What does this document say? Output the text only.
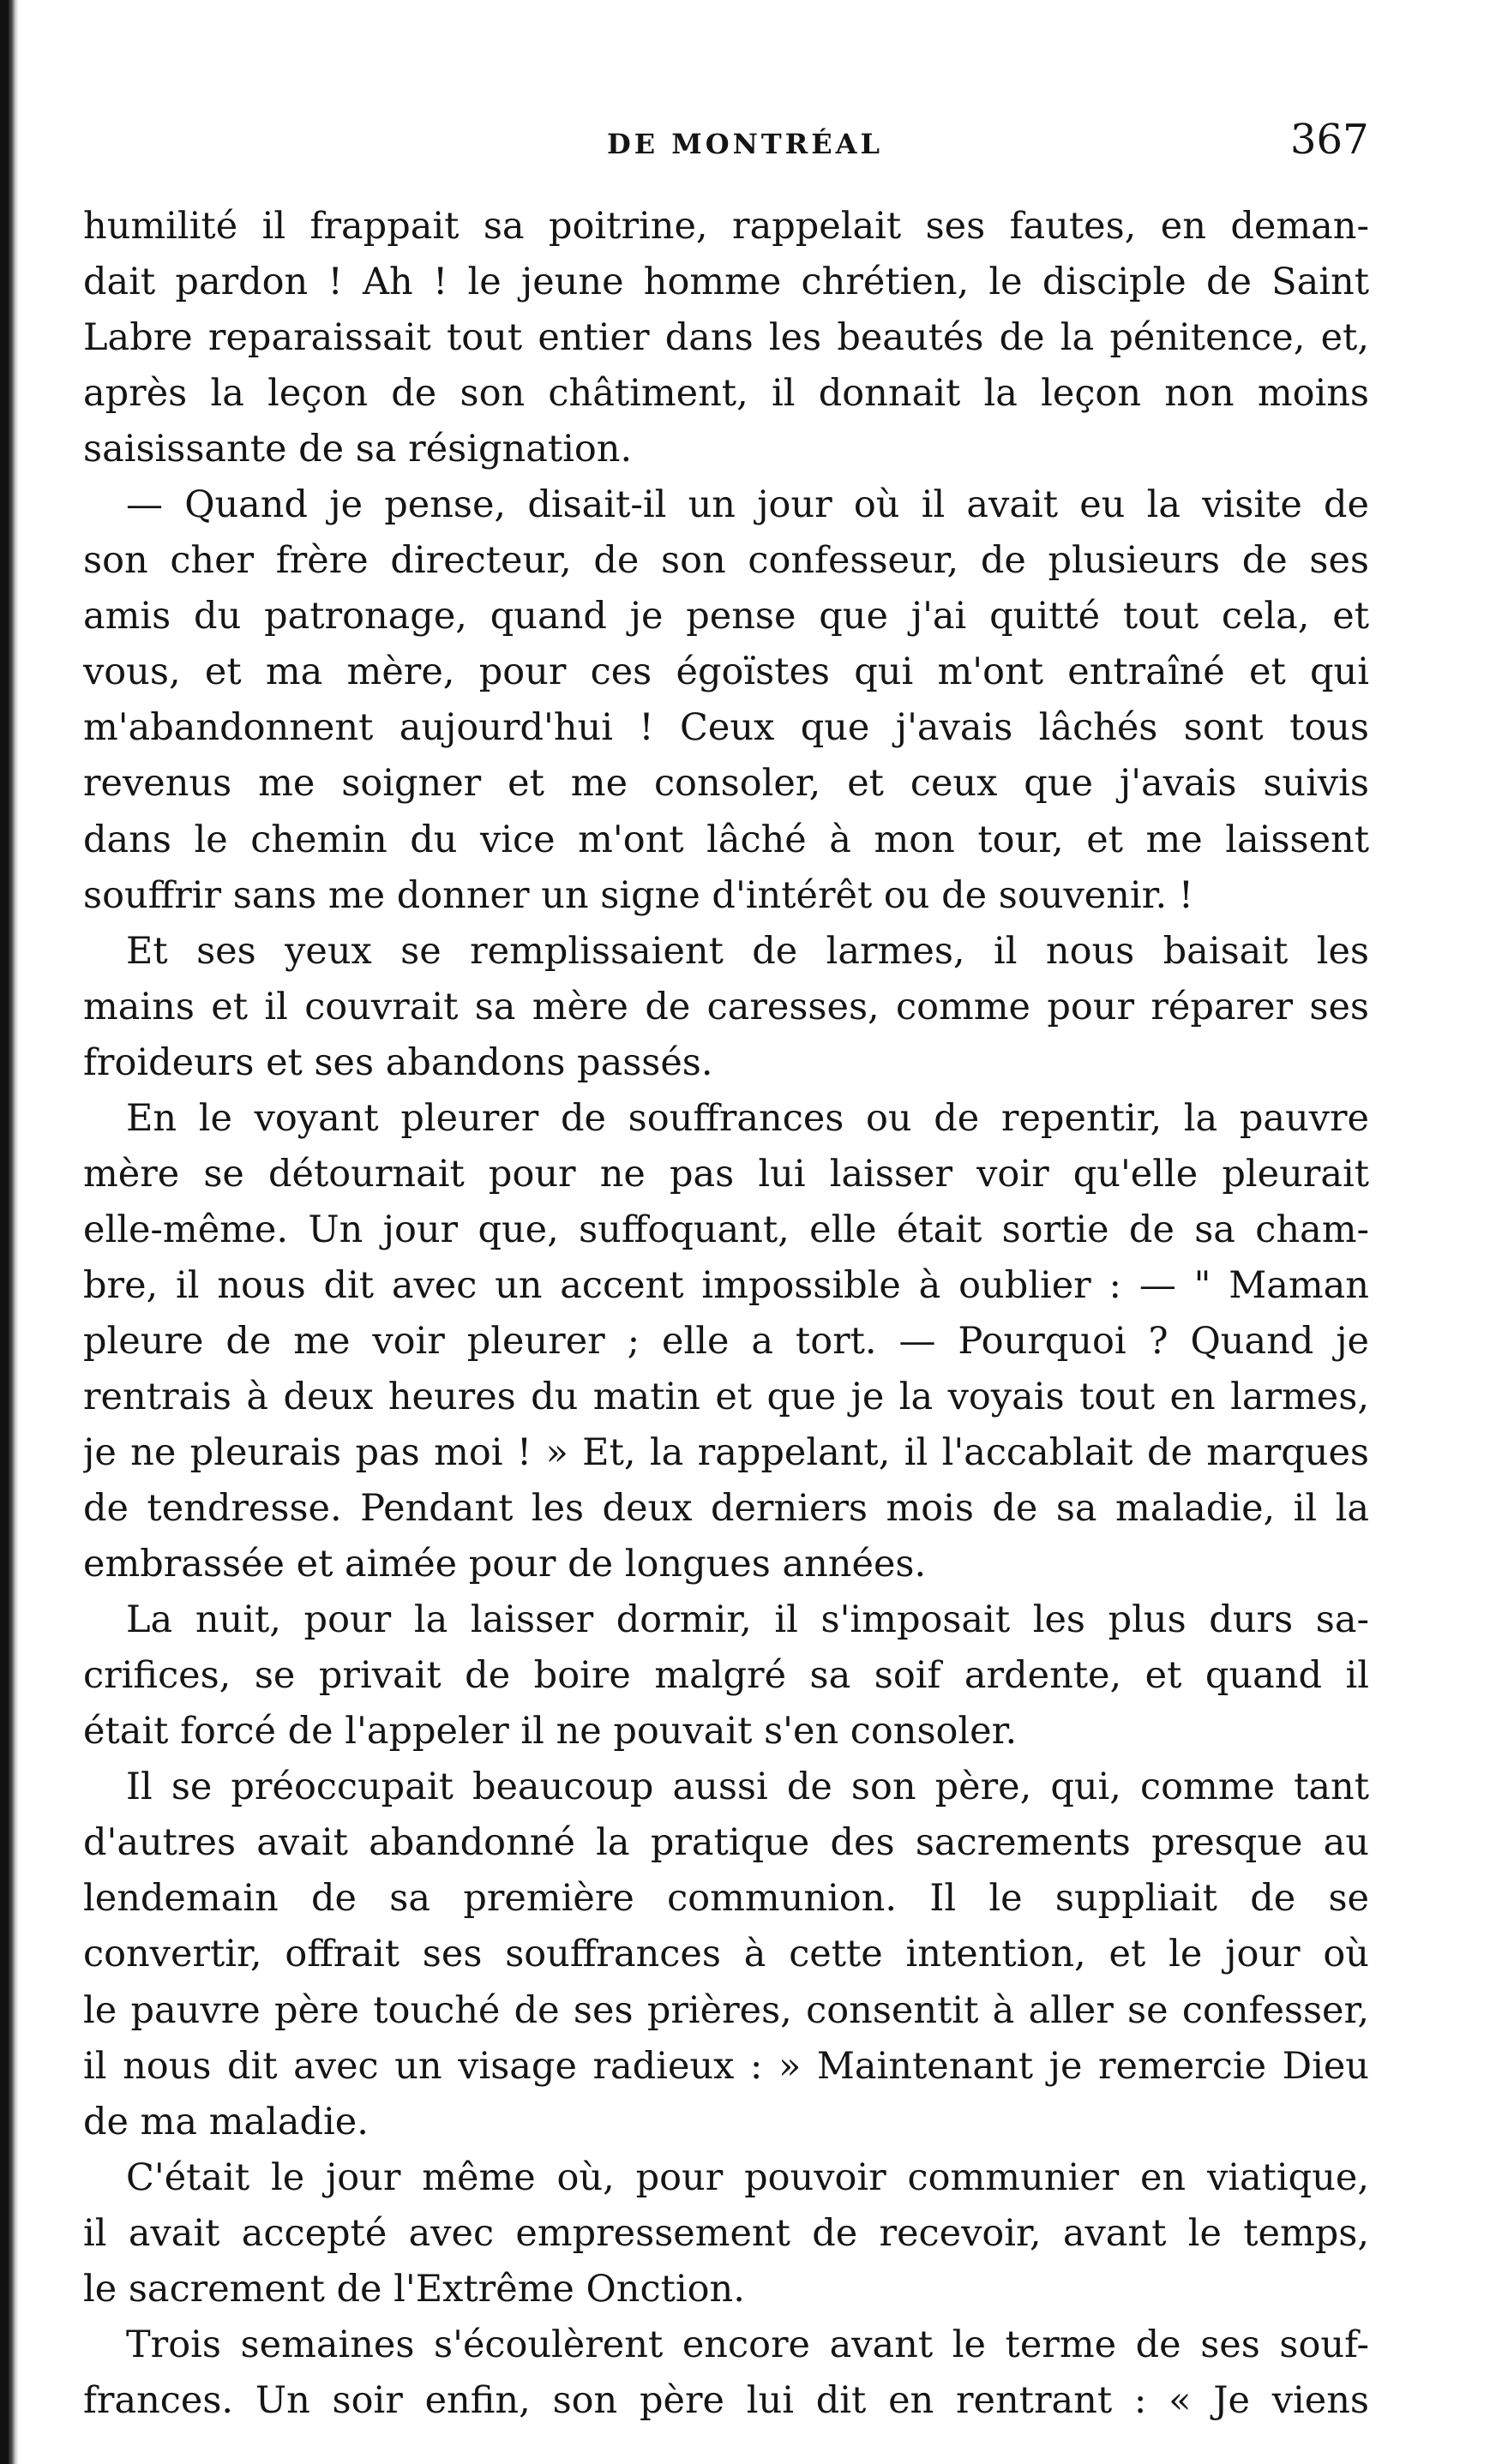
DE MONTRÉAL	367
humilité il frappait sa poitrine, rappelait ses fautes, en deman-
dait pardon ! Ah ! le jeune homme chrétien, le disciple de Saint
Labre reparaissait tout entier dans les beautés de la pénitence, et,
après la leçon de son châtiment, il donnait la leçon non moins
saisissante de sa résignation.
— Quand je pense, disait-il un jour où il avait eu la visite de
son cher frère directeur, de son confesseur, de plusieurs de ses
amis du patronage, quand je pense que j'ai quitté tout cela, et
vous, et ma mère, pour ces égoïstes qui m'ont entraîné et qui
m'abandonnent aujourd'hui ! Ceux que j'avais lâchés sont tous
revenus me soigner et me consoler, et ceux que j'avais suivis
dans le chemin du vice m'ont lâché à mon tour, et me laissent
souffrir sans me donner un signe d'intérêt ou de souvenir. !
Et ses yeux se remplissaient de larmes, il nous baisait les
mains et il couvrait sa mère de caresses, comme pour réparer ses
froideurs et ses abandons passés.
En le voyant pleurer de souffrances ou de repentir, la pauvre
mère se détournait pour ne pas lui laisser voir qu'elle pleurait
elle-même. Un jour que, suffoquant, elle était sortie de sa cham-
bre, il nous dit avec un accent impossible à oublier : — " Maman
pleure de me voir pleurer ; elle a tort. — Pourquoi ? Quand je
rentrais à deux heures du matin et que je la voyais tout en larmes,
je ne pleurais pas moi ! » Et, la rappelant, il l'accablait de marques
de tendresse. Pendant les deux derniers mois de sa maladie, il la
embrassée et aimée pour de longues années.
La nuit, pour la laisser dormir, il s'imposait les plus durs sa-
crifices, se privait de boire malgré sa soif ardente, et quand il
était forcé de l'appeler il ne pouvait s'en consoler.
Il se préoccupait beaucoup aussi de son père, qui, comme tant
d'autres avait abandonné la pratique des sacrements presque au
lendemain de sa première communion. Il le suppliait de se
convertir, offrait ses souffrances à cette intention, et le jour où
le pauvre père touché de ses prières, consentit à aller se confesser,
il nous dit avec un visage radieux : » Maintenant je remercie Dieu
de ma maladie.
C'était le jour même où, pour pouvoir communier en viatique,
il avait accepté avec empressement de recevoir, avant le temps,
le sacrement de l'Extrême Onction.
Trois semaines s'écoulèrent encore avant le terme de ses souf-
frances. Un soir enfin, son père lui dit en rentrant : « Je viens
